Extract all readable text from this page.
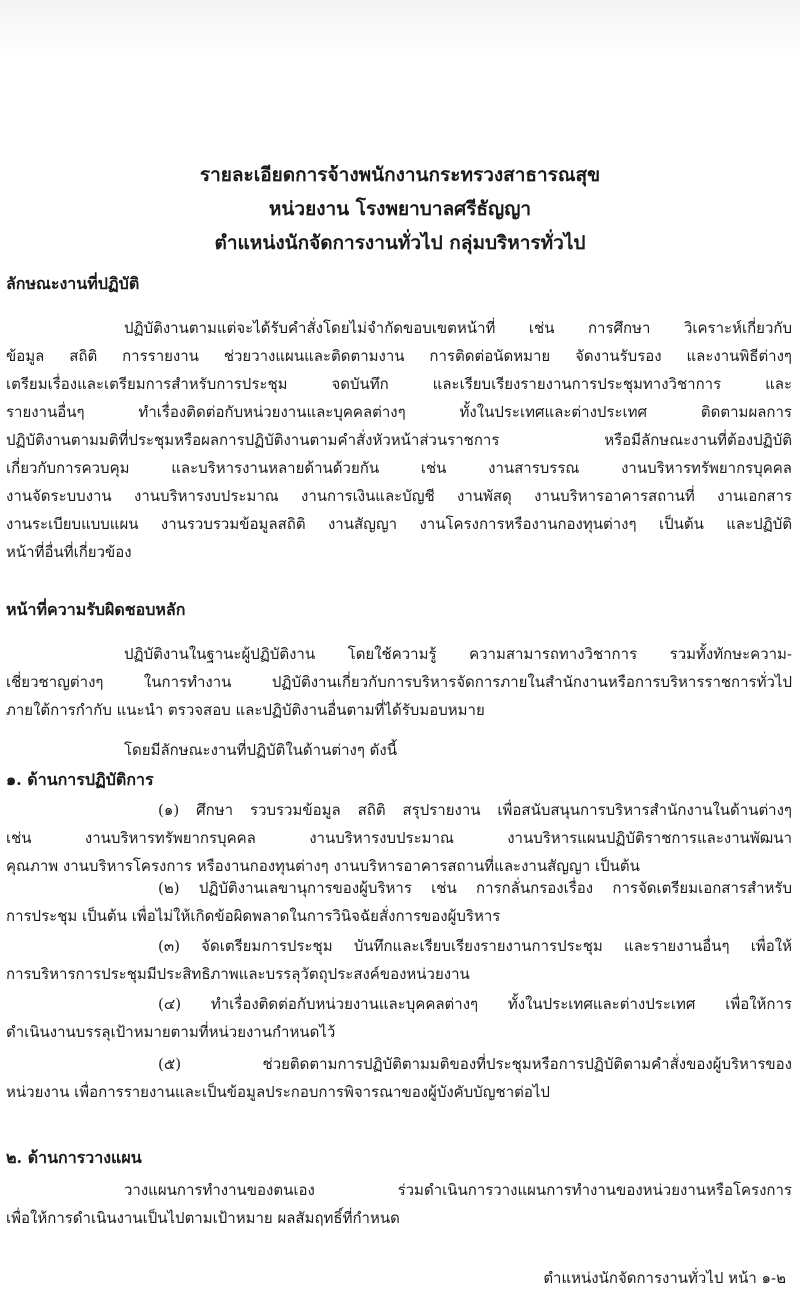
รายละเอียดการจ้างพนักงานกระทรวงสาธารณสุข
หน่วยงาน โรงพยาบาลศรีธัญญา
ตำแหน่งนักจัดการงานทั่วไป กลุ่มบริหารทั่วไป
ลักษณะงานที่ปฏิบัติ
ปฏิบัติงานตามแต่จะได้รับคำสั่งโดยไม่จำกัดขอบเขตหน้าที่ เช่น การศึกษา วิเคราะห์เกี่ยวกับ
ข้อมูล สถิติ การรายงาน ช่วยวางแผนและติดตามงาน การติดต่อนัดหมาย จัดงานรับรอง และงานพิธีต่างๆ
เตรียมเรื่องและเตรียมการสำหรับการประชุม จดบันทึก และเรียบเรียงรายงานการประชุมทางวิชาการ และ
รายงานอื่นๆ ทำเรื่องติดต่อกับหน่วยงานและบุคคลต่างๆ ทั้งในประเทศและต่างประเทศ ติดตามผลการ
ปฏิบัติงานตามมติที่ประชุมหรือผลการปฏิบัติงานตามคำสั่งหัวหน้าส่วนราชการ หรือมีลักษณะงานที่ต้องปฏิบัติ
เกี่ยวกับการควบคุม และบริหารงานหลายด้านด้วยกัน เช่น งานสารบรรณ งานบริหารทรัพยากรบุคคล
งานจัดระบบงาน งานบริหารงบประมาณ งานการเงินและบัญชี งานพัสดุ งานบริหารอาคารสถานที่ งานเอกสาร
งานระเบียบแบบแผน งานรวบรวมข้อมูลสถิติ งานสัญญา งานโครงการหรืองานกองทุนต่างๆ เป็นต้น และปฏิบัติ
หน้าที่อื่นที่เกี่ยวข้อง
หน้าที่ความรับผิดชอบหลัก
ปฏิบัติงานในฐานะผู้ปฏิบัติงาน โดยใช้ความรู้ ความสามารถทางวิชาการ รวมทั้งทักษะความ-
เชี่ยวชาญต่างๆ ในการทำงาน ปฏิบัติงานเกี่ยวกับการบริหารจัดการภายในสำนักงานหรือการบริหารราชการทั่วไป
ภายใต้การกำกับ แนะนำ ตรวจสอบ และปฏิบัติงานอื่นตามที่ได้รับมอบหมาย
โดยมีลักษณะงานที่ปฏิบัติในด้านต่างๆ ดังนี้
๑. ด้านการปฏิบัติการ
(๑) ศึกษา รวบรวมข้อมูล สถิติ สรุปรายงาน เพื่อสนับสนุนการบริหารสำนักงานในด้านต่างๆ
เช่น งานบริหารทรัพยากรบุคคล งานบริหารงบประมาณ งานบริหารแผนปฏิบัติราชการและงานพัฒนา
คุณภาพ งานบริหารโครงการ หรืองานกองทุนต่างๆ งานบริหารอาคารสถานที่และงานสัญญา เป็นต้น
(๒) ปฏิบัติงานเลขานุการของผู้บริหาร เช่น การกลั่นกรองเรื่อง การจัดเตรียมเอกสารสำหรับ
การประชุม เป็นต้น เพื่อไม่ให้เกิดข้อผิดพลาดในการวินิจฉัยสั่งการของผู้บริหาร
(๓) จัดเตรียมการประชุม บันทึกและเรียบเรียงรายงานการประชุม และรายงานอื่นๆ เพื่อให้
การบริหารการประชุมมีประสิทธิภาพและบรรลุวัตถุประสงค์ของหน่วยงาน
(๔) ทำเรื่องติดต่อกับหน่วยงานและบุคคลต่างๆ ทั้งในประเทศและต่างประเทศ เพื่อให้การ
ดำเนินงานบรรลุเป้าหมายตามที่หน่วยงานกำหนดไว้
(๕) ช่วยติดตามการปฏิบัติตามมติของที่ประชุมหรือการปฏิบัติตามคำสั่งของผู้บริหารของ
หน่วยงาน เพื่อการรายงานและเป็นข้อมูลประกอบการพิจารณาของผู้บังคับบัญชาต่อไป
๒. ด้านการวางแผน
วางแผนการทำงานของตนเอง ร่วมดำเนินการวางแผนการทำงานของหน่วยงานหรือโครงการ
เพื่อให้การดำเนินงานเป็นไปตามเป้าหมาย ผลสัมฤทธิ์ที่กำหนด
ตำแหน่งนักจัดการงานทั่วไป หน้า ๑-๒
